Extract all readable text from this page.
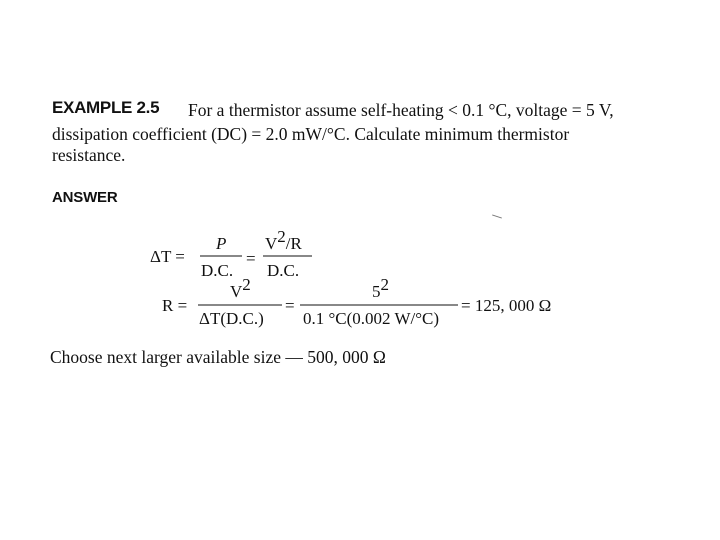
EXAMPLE 2.5 For a thermistor assume self-heating < 0.1 °C, voltage = 5 V,
dissipation coefficient (DC) = 2.0 mW/°C. Calculate minimum thermistor
resistance.
ANSWER
ΔT =
P
D.C.
=
V2/R
D.C.
R =
V2
ΔT(D.C.)
=
52
0.1 °C(0.002 W/°C)
= 125, 000 Ω
Choose next larger available size — 500, 000 Ω
